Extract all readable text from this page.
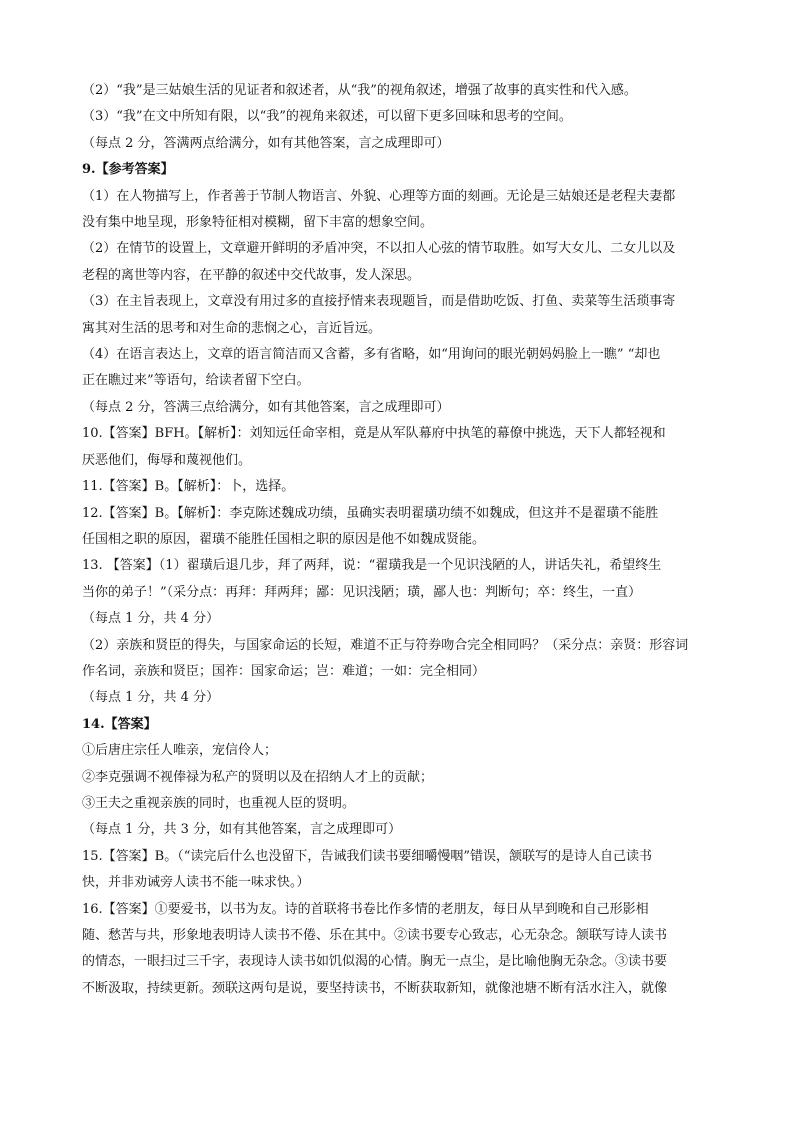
（2）“我”是三姑娘生活的见证者和叙述者，从“我”的视角叙述，增强了故事的真实性和代入感。

（3）“我”在文中所知有限，以“我”的视角来叙述，可以留下更多回味和思考的空间。

（每点 2 分，答满两点给满分，如有其他答案，言之成理即可）

9.【参考答案】

（1）在人物描写上，作者善于节制人物语言、外貌、心理等方面的刻画。无论是三姑娘还是老程夫妻都

没有集中地呈现，形象特征相对模糊，留下丰富的想象空间。

（2）在情节的设置上，文章避开鲜明的矛盾冲突，不以扣人心弦的情节取胜。如写大女儿、二女儿以及

老程的离世等内容，在平静的叙述中交代故事，发人深思。

（3）在主旨表现上，文章没有用过多的直接抒情来表现题旨，而是借助吃饭、打鱼、卖菜等生活琐事寄

寓其对生活的思考和对生命的悲悯之心，言近旨远。

（4）在语言表达上，文章的语言简洁而又含蓄，多有省略，如“用询问的眼光朝妈妈脸上一瞧” “却也

正在瞧过来”等语句，给读者留下空白。

（每点 2 分，答满三点给满分，如有其他答案，言之成理即可）

10.【答案】BFH。【解析】：刘知远任命宰相，竟是从军队幕府中执笔的幕僚中挑选，天下人都轻视和

厌恶他们，侮辱和蔑视他们。

11.【答案】B。【解析】：卜，选择。

12.【答案】B。【解析】：李克陈述魏成功绩，虽确实表明翟璜功绩不如魏成，但这并不是翟璜不能胜

任国相之职的原因，翟璜不能胜任国相之职的原因是他不如魏成贤能。

13. 【答案】（1）翟璜后退几步，拜了两拜，说：“翟璜我是一个见识浅陋的人，讲话失礼，希望终生

当你的弟子！”（采分点：再拜：拜两拜；鄙：见识浅陋；璜，鄙人也：判断句；卒：终生，一直）

（每点 1 分，共 4 分）

（2）亲族和贤臣的得失，与国家命运的长短，难道不正与符券吻合完全相同吗？（采分点：亲贤：形容词

作名词，亲族和贤臣；国祚：国家命运；岂：难道；一如：完全相同）

（每点 1 分，共 4 分）

14.【答案】

①后唐庄宗任人唯亲，宠信伶人；

②李克强调不视俸禄为私产的贤明以及在招纳人才上的贡献；

③王夫之重视亲族的同时，也重视人臣的贤明。

（每点 1 分，共 3 分，如有其他答案，言之成理即可）

15.【答案】B。（“读完后什么也没留下，告诫我们读书要细嚼慢咽”错误，颔联写的是诗人自己读书

快，并非劝诫旁人读书不能一味求快。）

16.【答案】①要爱书，以书为友。诗的首联将书卷比作多情的老朋友，每日从早到晚和自己形影相

随、愁苦与共，形象地表明诗人读书不倦、乐在其中。②读书要专心致志，心无杂念。颔联写诗人读书

的情态，一眼扫过三千字，表现诗人读书如饥似渴的心情。胸无一点尘，是比喻他胸无杂念。③读书要

不断汲取，持续更新。颈联这两句是说，要坚持读书，不断获取新知，就像池塘不断有活水注入，就像
